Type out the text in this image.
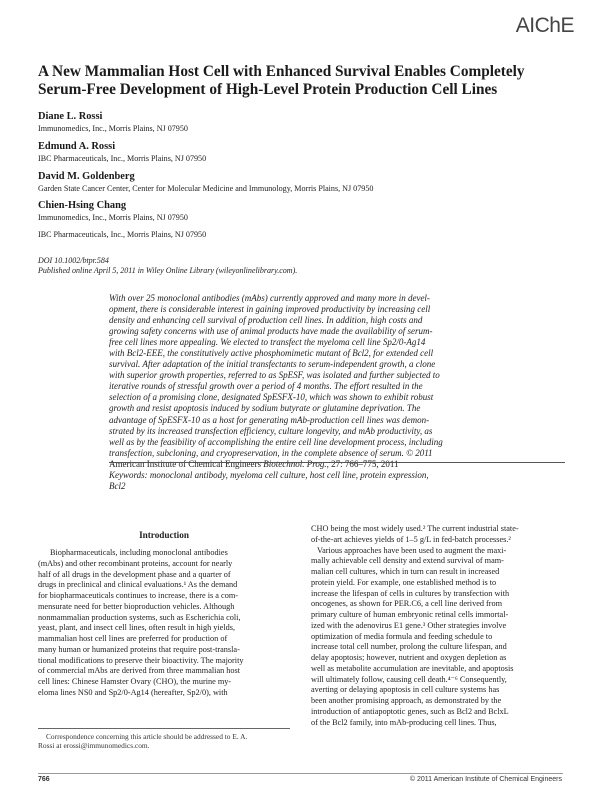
AIChE
A New Mammalian Host Cell with Enhanced Survival Enables Completely
Serum-Free Development of High-Level Protein Production Cell Lines
Diane L. Rossi
Immunomedics, Inc., Morris Plains, NJ 07950
Edmund A. Rossi
IBC Pharmaceuticals, Inc., Morris Plains, NJ 07950
David M. Goldenberg
Garden State Cancer Center, Center for Molecular Medicine and Immunology, Morris Plains, NJ 07950
Chien-Hsing Chang
Immunomedics, Inc., Morris Plains, NJ 07950
IBC Pharmaceuticals, Inc., Morris Plains, NJ 07950
DOI 10.1002/btpr.584
Published online April 5, 2011 in Wiley Online Library (wileyonlinelibrary.com).
With over 25 monoclonal antibodies (mAbs) currently approved and many more in devel-
opment, there is considerable interest in gaining improved productivity by increasing cell
density and enhancing cell survival of production cell lines. In addition, high costs and
growing safety concerns with use of animal products have made the availability of serum-
free cell lines more appealing. We elected to transfect the myeloma cell line Sp2/0-Ag14
with Bcl2-EEE, the constitutively active phosphomimetic mutant of Bcl2, for extended cell
survival. After adaptation of the initial transfectants to serum-independent growth, a clone
with superior growth properties, referred to as SpESF, was isolated and further subjected to
iterative rounds of stressful growth over a period of 4 months. The effort resulted in the
selection of a promising clone, designated SpESFX-10, which was shown to exhibit robust
growth and resist apoptosis induced by sodium butyrate or glutamine deprivation. The
advantage of SpESFX-10 as a host for generating mAb-production cell lines was demon-
strated by its increased transfection efficiency, culture longevity, and mAb productivity, as
well as by the feasibility of accomplishing the entire cell line development process, including
transfection, subcloning, and cryopreservation, in the complete absence of serum. © 2011
American Institute of Chemical Engineers Biotechnol. Prog., 27: 766–775, 2011
Keywords: monoclonal antibody, myeloma cell culture, host cell line, protein expression,
Bcl2
Introduction
Biopharmaceuticals, including monoclonal antibodies
(mAbs) and other recombinant proteins, account for nearly
half of all drugs in the development phase and a quarter of
drugs in preclinical and clinical evaluations.¹ As the demand
for biopharmaceuticals continues to increase, there is a com-
mensurate need for better bioproduction vehicles. Although
nonmammalian production systems, such as Escherichia coli,
yeast, plant, and insect cell lines, often result in high yields,
mammalian host cell lines are preferred for production of
many human or humanized proteins that require post-transla-
tional modifications to preserve their bioactivity. The majority
of commercial mAbs are derived from three mammalian host
cell lines: Chinese Hamster Ovary (CHO), the murine my-
eloma lines NS0 and Sp2/0-Ag14 (hereafter, Sp2/0), with
CHO being the most widely used.² The current industrial state-
of-the-art achieves yields of 1–5 g/L in fed-batch processes.²
Various approaches have been used to augment the maxi-
mally achievable cell density and extend survival of mam-
malian cell cultures, which in turn can result in increased
protein yield. For example, one established method is to
increase the lifespan of cells in cultures by transfection with
oncogenes, as shown for PER.C6, a cell line derived from
primary culture of human embryonic retinal cells immortal-
ized with the adenovirus E1 gene.³ Other strategies involve
optimization of media formula and feeding schedule to
increase total cell number, prolong the culture lifespan, and
delay apoptosis; however, nutrient and oxygen depletion as
well as metabolite accumulation are inevitable, and apoptosis
will ultimately follow, causing cell death.⁴⁻⁶ Consequently,
averting or delaying apoptosis in cell culture systems has
been another promising approach, as demonstrated by the
introduction of antiapoptotic genes, such as Bcl2 and BclxL
of the Bcl2 family, into mAb-producing cell lines. Thus,
Correspondence concerning this article should be addressed to E. A.
Rossi at erossi@immunomedics.com.
766	© 2011 American Institute of Chemical Engineers
